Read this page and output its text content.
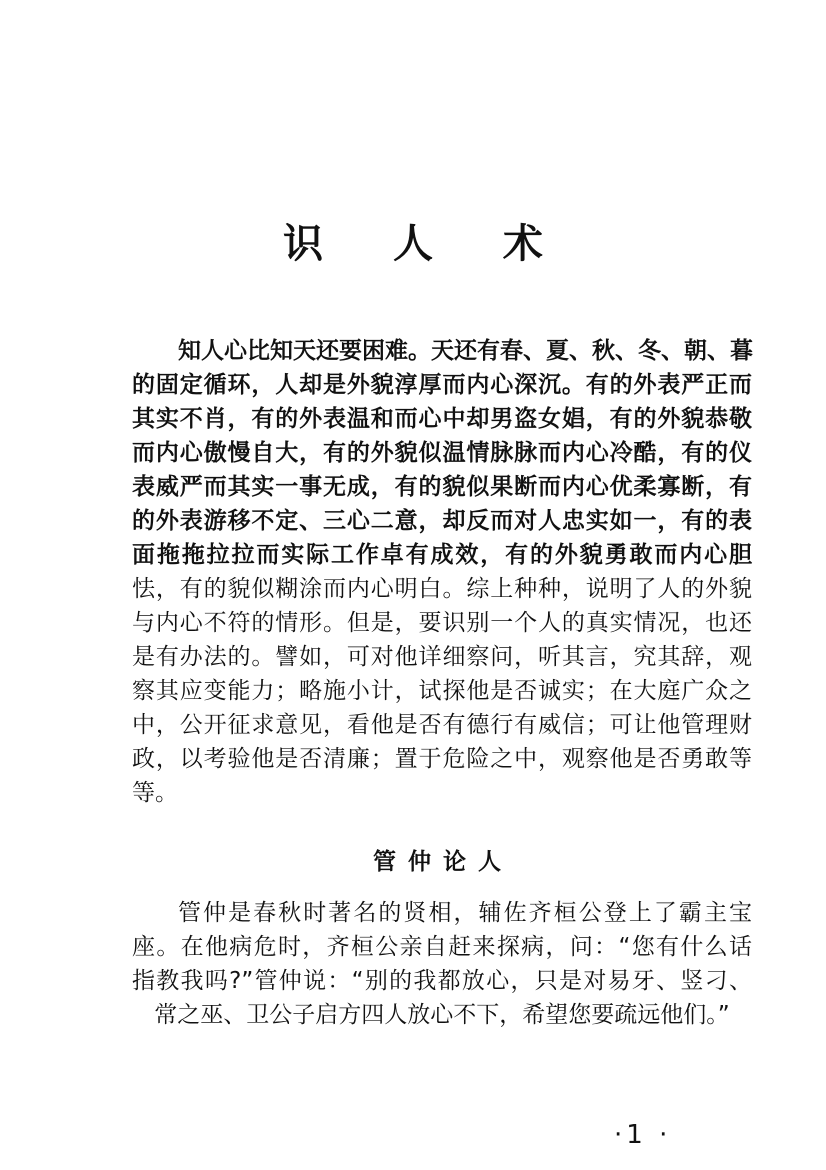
识 人 术
知人心比知天还要困难。天还有春、夏、秋、冬、朝、暮
的固定循环，人却是外貌淳厚而内心深沉。有的外表严正而
其实不肖，有的外表温和而心中却男盗女娼，有的外貌恭敬
而内心傲慢自大，有的外貌似温情脉脉而内心冷酷，有的仪
表威严而其实一事无成，有的貌似果断而内心优柔寡断，有
的外表游移不定、三心二意，却反而对人忠实如一，有的表
面拖拖拉拉而实际工作卓有成效，有的外貌勇敢而内心胆
怯，有的貌似糊涂而内心明白。综上种种，说明了人的外貌
与内心不符的情形。但是，要识别一个人的真实情况，也还
是有办法的。譬如，可对他详细察问，听其言，究其辞，观
察其应变能力；略施小计，试探他是否诚实；在大庭广众之
中，公开征求意见，看他是否有德行有威信；可让他管理财
政，以考验他是否清廉；置于危险之中，观察他是否勇敢等
等。
管仲论人
管仲是春秋时著名的贤相，辅佐齐桓公登上了霸主宝
座。在他病危时，齐桓公亲自赶来探病，问：“您有什么话
指教我吗?”管仲说：“别的我都放心，只是对易牙、竖刁、
常之巫、卫公子启方四人放心不下，希望您要疏远他们。”
·1 ·
